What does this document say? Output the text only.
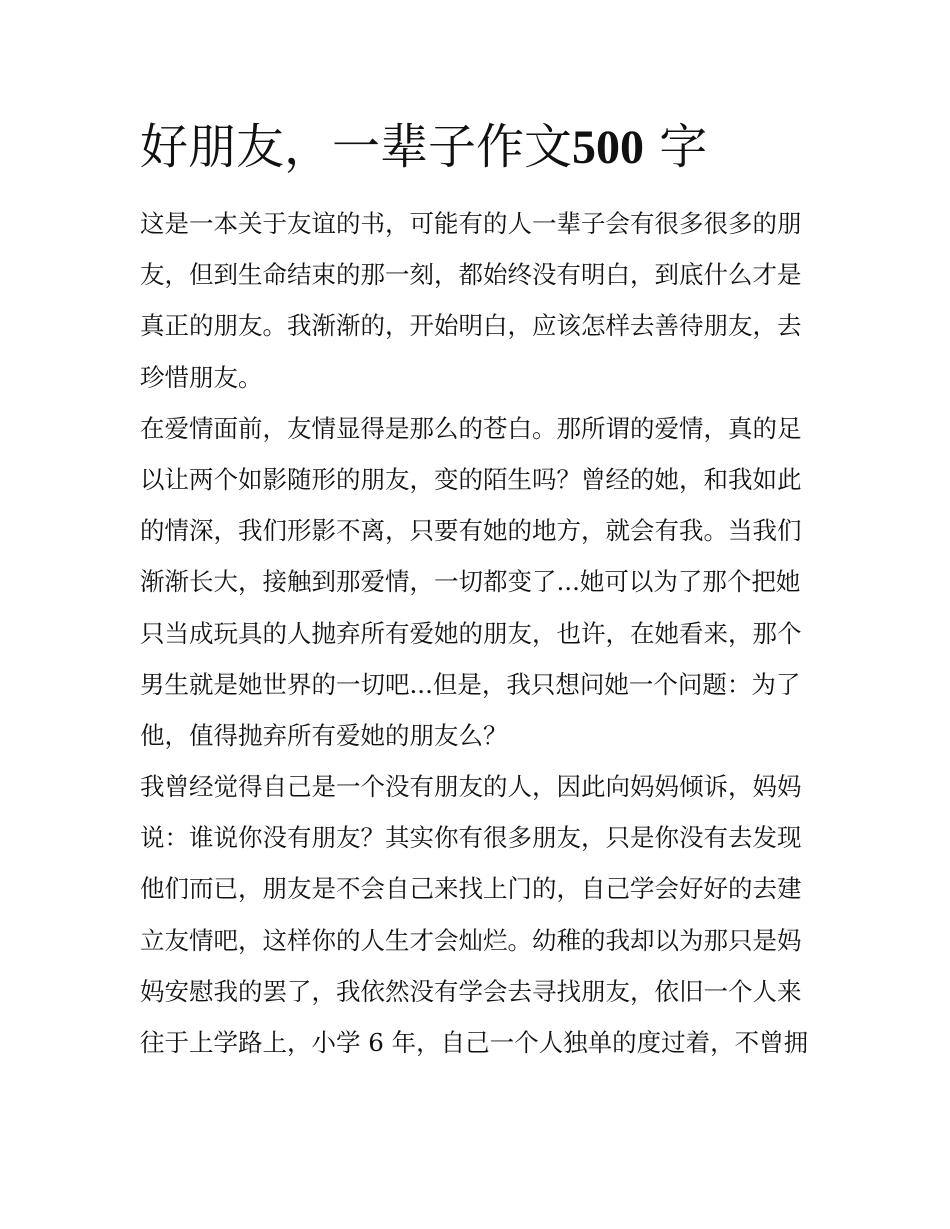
好朋友，一辈子作文500 字

这是一本关于友谊的书，可能有的人一辈子会有很多很多的朋
友，但到生命结束的那一刻，都始终没有明白，到底什么才是
真正的朋友。我渐渐的，开始明白，应该怎样去善待朋友，去
珍惜朋友。

在爱情面前，友情显得是那么的苍白。那所谓的爱情，真的足
以让两个如影随形的朋友，变的陌生吗？曾经的她，和我如此
的情深，我们形影不离，只要有她的地方，就会有我。当我们
渐渐长大，接触到那爱情，一切都变了...她可以为了那个把她
只当成玩具的人抛弃所有爱她的朋友，也许，在她看来，那个
男生就是她世界的一切吧...但是，我只想问她一个问题：为了
他，值得抛弃所有爱她的朋友么？

我曾经觉得自己是一个没有朋友的人，因此向妈妈倾诉，妈妈
说：谁说你没有朋友？其实你有很多朋友，只是你没有去发现
他们而已，朋友是不会自己来找上门的，自己学会好好的去建
立友情吧，这样你的人生才会灿烂。幼稚的我却以为那只是妈
妈安慰我的罢了，我依然没有学会去寻找朋友，依旧一个人来
往于上学路上，小学 6 年，自己一个人独单的度过着，不曾拥
